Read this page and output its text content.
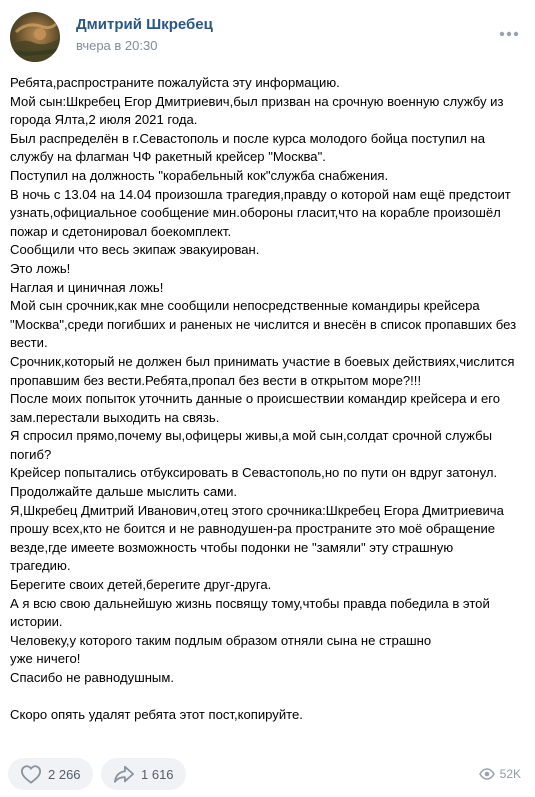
Дмитрий Шкребец
вчера в 20:30
Ребята,распространите пожалуйста эту информацию.
Мой сын:Шкребец Егор Дмитриевич,был призван на срочную военную службу из
города Ялта,2 июля 2021 года.
Был распределён в г.Севастополь и после курса молодого бойца поступил на
службу на флагман ЧФ ракетный крейсер "Москва".
Поступил на должность "корабельный кок"служба снабжения.
В ночь с 13.04 на 14.04 произошла трагедия,правду о которой нам ещё предстоит
узнать,официальное сообщение мин.обороны гласит,что на корабле произошёл
пожар и сдетонировал боекомплект.
Сообщили что весь экипаж эвакуирован.
Это ложь!
Наглая и циничная ложь!
Мой сын срочник,как мне сообщили непосредственные командиры крейсера
"Москва",среди погибших и раненых не числится и внесён в список пропавших без
вести.
Срочник,который не должен был принимать участие в боевых действиях,числится
пропавшим без вести.Ребята,пропал без вести в открытом море?!!!
После моих попыток уточнить данные о происшествии командир крейсера и его
зам.перестали выходить на связь.
Я спросил прямо,почему вы,офицеры живы,а мой сын,солдат срочной службы
погиб?
Крейсер попытались отбуксировать в Севастополь,но по пути он вдруг затонул.
Продолжайте дальше мыслить сами.
Я,Шкребец Дмитрий Иванович,отец этого срочника:Шкребец Егора Дмитриевича
прошу всех,кто не боится и не равнодушен-ра пространите это моё обращение
везде,где имеете возможность чтобы подонки не "замяли" эту страшную
трагедию.
Берегите своих детей,берегите друг-друга.
А я всю свою дальнейшую жизнь посвящу тому,чтобы правда победила в этой
истории.
Человеку,у которого таким подлым образом отняли сына не страшно
уже ничего!
Спасибо не равнодушным.
Скоро опять удалят ребята этот пост,копируйте.
2 266	1 616	52K
